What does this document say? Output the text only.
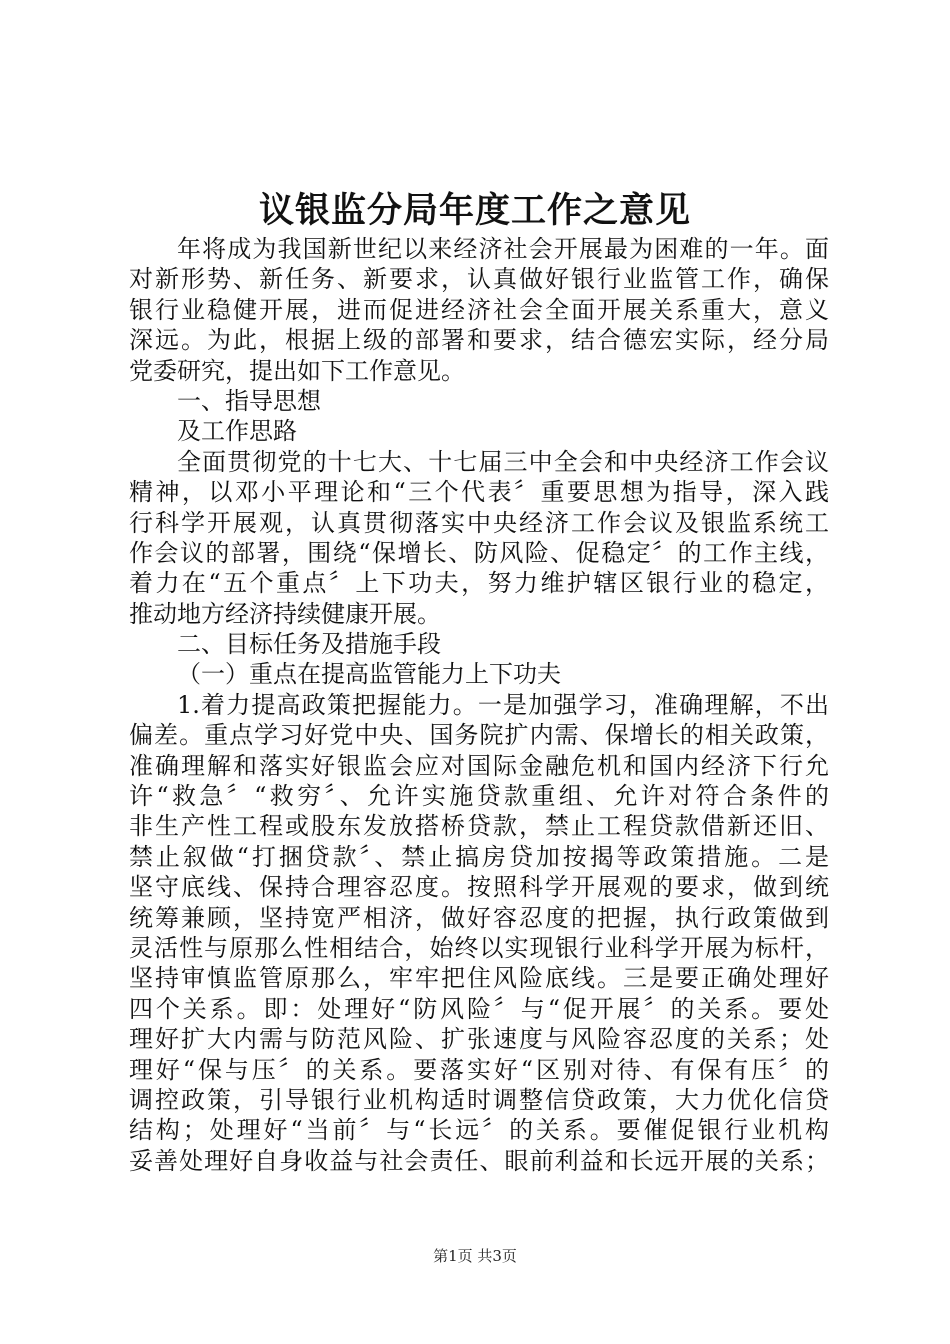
议银监分局年度工作之意见
年将成为我国新世纪以来经济社会开展最为困难的一年。面
对新形势、新任务、新要求，认真做好银行业监管工作，确保
银行业稳健开展，进而促进经济社会全面开展关系重大，意义
深远。为此，根据上级的部署和要求，结合德宏实际，经分局
党委研究，提出如下工作意见。
一、指导思想
及工作思路
全面贯彻党的十七大、十七届三中全会和中央经济工作会议
精神，以邓小平理论和“三个代表〞重要思想为指导，深入践
行科学开展观，认真贯彻落实中央经济工作会议及银监系统工
作会议的部署，围绕“保增长、防风险、促稳定〞的工作主线，
着力在“五个重点〞上下功夫，努力维护辖区银行业的稳定，
推动地方经济持续健康开展。
二、目标任务及措施手段
（一）重点在提高监管能力上下功夫
1.着力提高政策把握能力。一是加强学习，准确理解，不出
偏差。重点学习好党中央、国务院扩内需、保增长的相关政策，
准确理解和落实好银监会应对国际金融危机和国内经济下行允
许“救急〞“救穷〞、允许实施贷款重组、允许对符合条件的
非生产性工程或股东发放搭桥贷款，禁止工程贷款借新还旧、
禁止叙做“打捆贷款〞、禁止搞房贷加按揭等政策措施。二是
坚守底线、保持合理容忍度。按照科学开展观的要求，做到统
统筹兼顾，坚持宽严相济，做好容忍度的把握，执行政策做到
灵活性与原那么性相结合，始终以实现银行业科学开展为标杆，
坚持审慎监管原那么，牢牢把住风险底线。三是要正确处理好
四个关系。即：处理好“防风险〞与“促开展〞的关系。要处
理好扩大内需与防范风险、扩张速度与风险容忍度的关系；处
理好“保与压〞的关系。要落实好“区别对待、有保有压〞的
调控政策，引导银行业机构适时调整信贷政策，大力优化信贷
结构；处理好“当前〞与“长远〞的关系。要催促银行业机构
妥善处理好自身收益与社会责任、眼前利益和长远开展的关系；
第1页 共3页
